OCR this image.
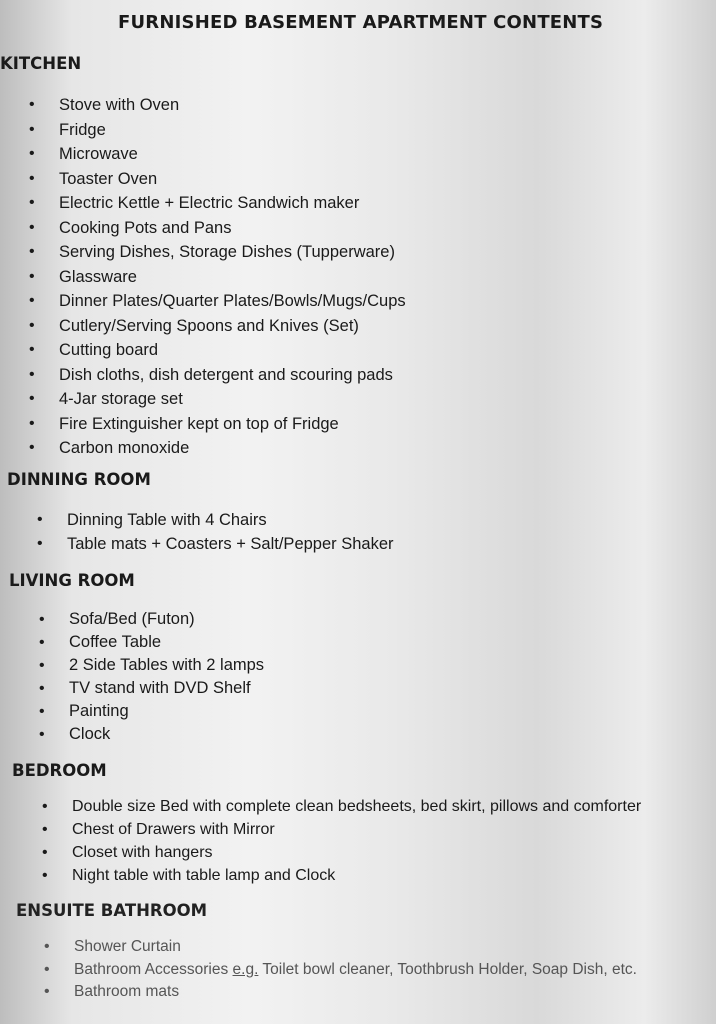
FURNISHED BASEMENT APARTMENT CONTENTS
KITCHEN
• Stove with Oven
• Fridge
• Microwave
• Toaster Oven
• Electric Kettle + Electric Sandwich maker
• Cooking Pots and Pans
• Serving Dishes, Storage Dishes (Tupperware)
• Glassware
• Dinner Plates/Quarter Plates/Bowls/Mugs/Cups
• Cutlery/Serving Spoons and Knives (Set)
• Cutting board
• Dish cloths, dish detergent and scouring pads
• 4-Jar storage set
• Fire Extinguisher kept on top of Fridge
• Carbon monoxide
DINNING ROOM
• Dinning Table with 4 Chairs
• Table mats + Coasters + Salt/Pepper Shaker
LIVING ROOM
• Sofa/Bed (Futon)
• Coffee Table
• 2 Side Tables with 2 lamps
• TV stand with DVD Shelf
• Painting
• Clock
BEDROOM
• Double size Bed with complete clean bedsheets, bed skirt, pillows and comforter
• Chest of Drawers with Mirror
• Closet with hangers
• Night table with table lamp and Clock
ENSUITE BATHROOM
• Shower Curtain
• Bathroom Accessories e.g. Toilet bowl cleaner, Toothbrush Holder, Soap Dish, etc.
• Bathroom mats
